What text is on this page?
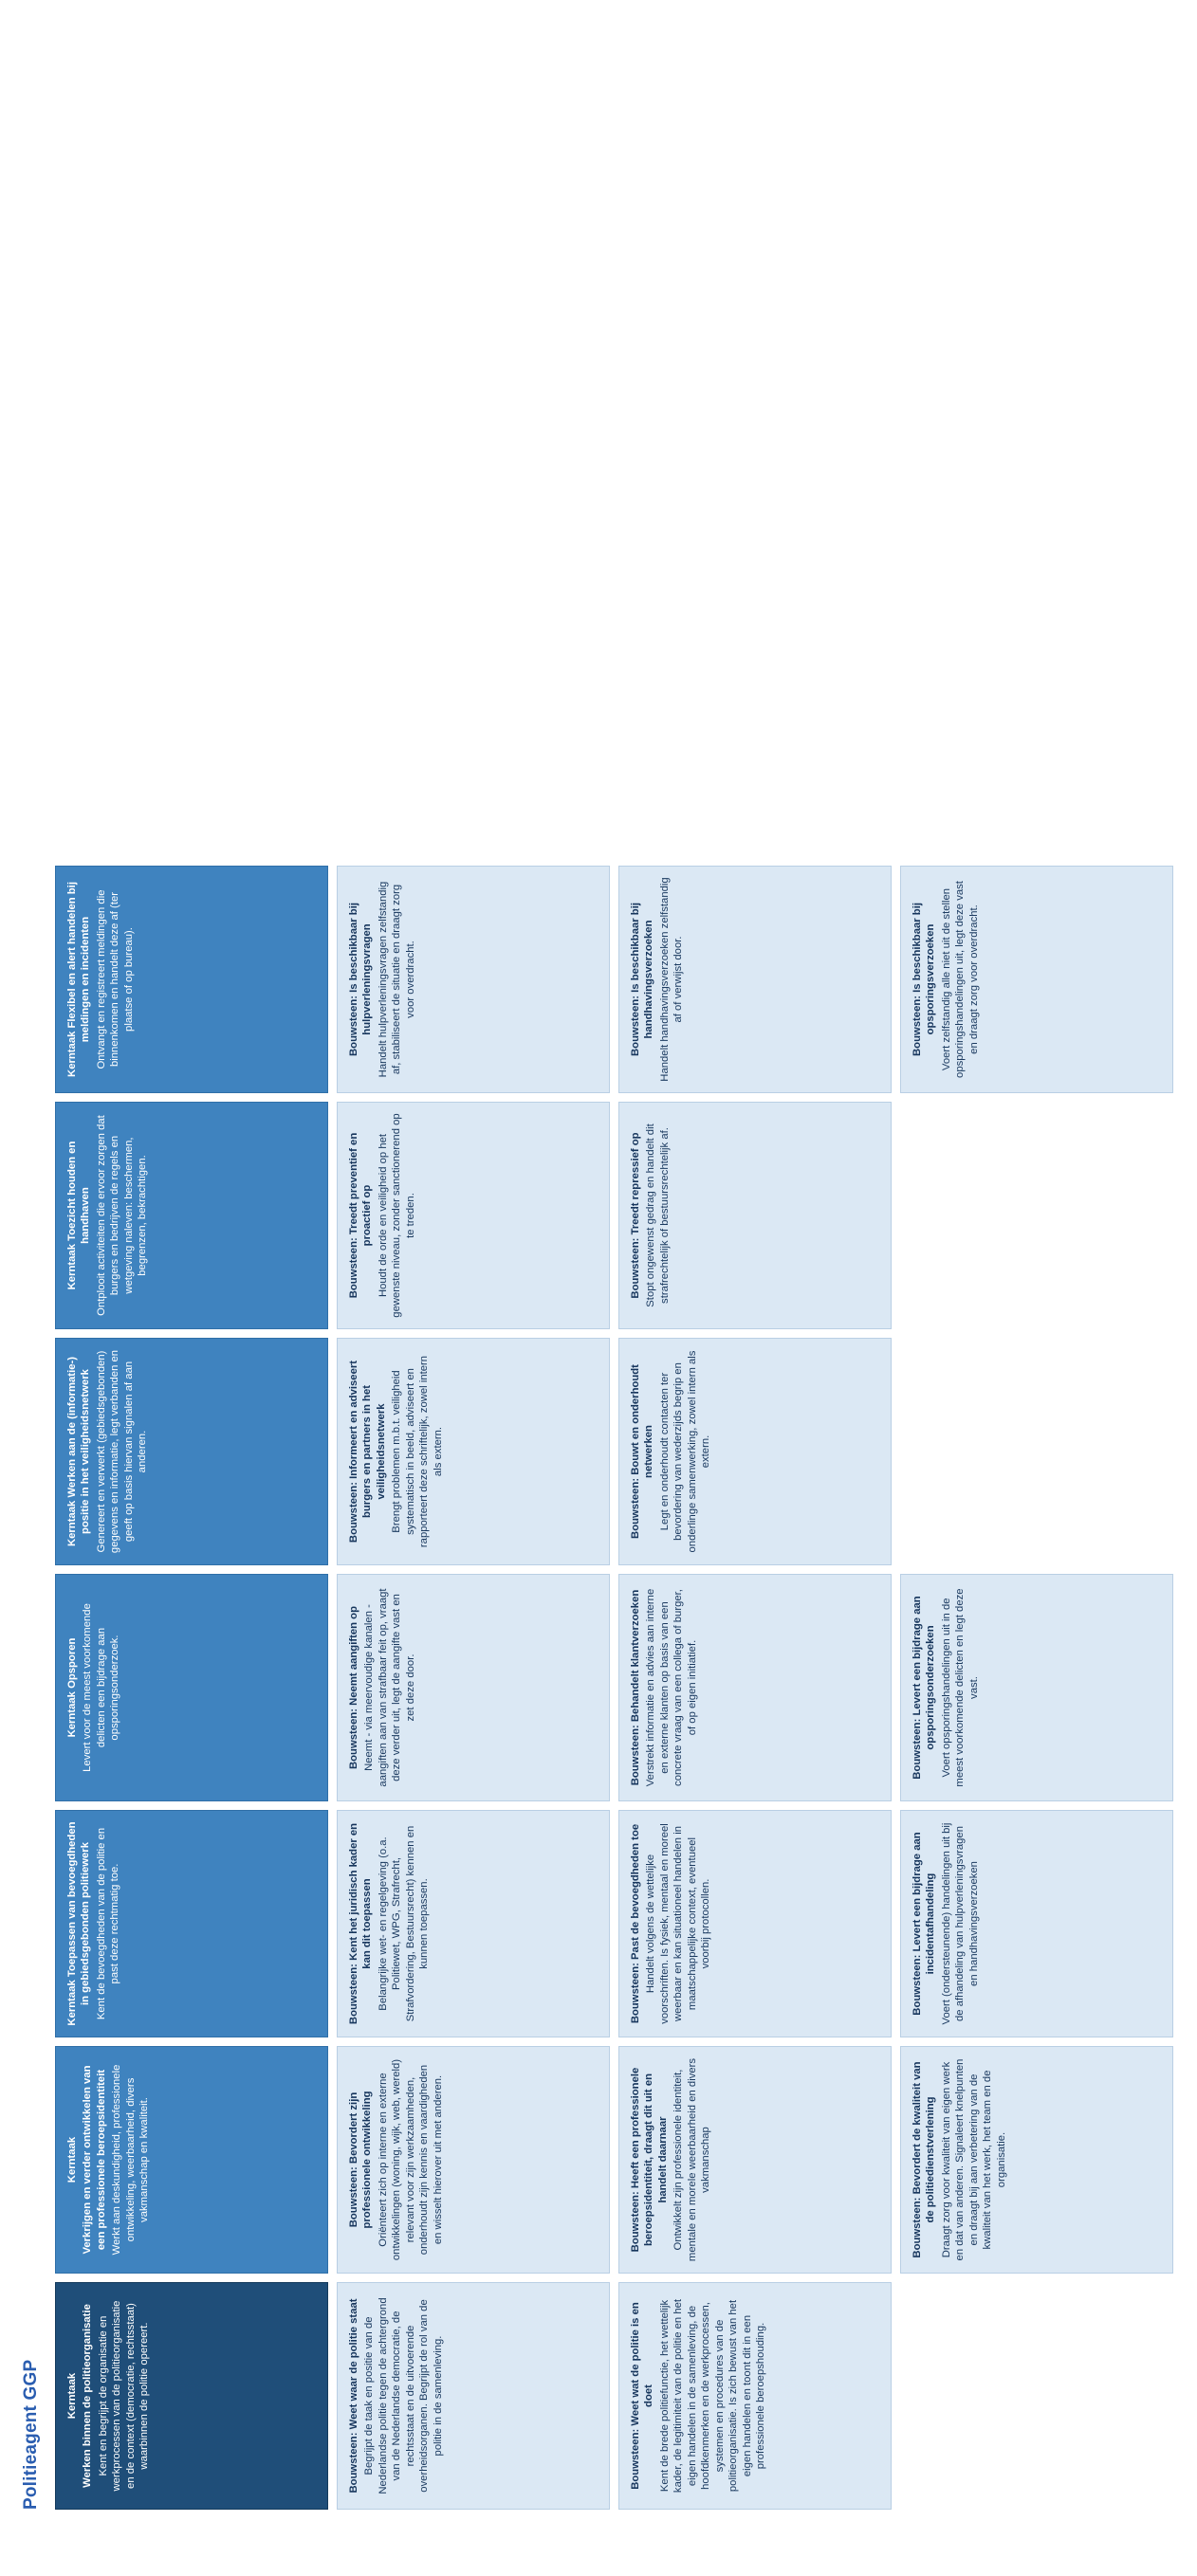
Politieagent GGP Kerntaak Werken binnen de politieorganisatie Kent en begrijpt de organisatie en werkprocessen van de politieorganisatie en de context (democratie, rechtsstaat) waarbinnen de politie opereert.
Kerntaak Verkrijgen en verder ontwikkelen van een professionele beroepsidentiteit Werkt aan deskundigheid, professionele ontwikkeling, weerbaarheid, divers vakmanschap en kwaliteit.
Kerntaak Toepassen van bevoegdheden in gebiedsgebonden politiewerk Kent de bevoegdheden van de politie en past deze rechtmatig toe.
Kerntaak Opsporen Levert voor de meest voorkomende delicten een bijdrage aan opsporingsonderzoek.
Kerntaak Werken aan de (informatie-) positie in het veiligheidsnetwerk Genereert en verwerkt (gebiedsgebonden) gegevens en informatie, legt verbanden en geeft op basis hiervan signalen af aan anderen.
Kerntaak Toezicht houden en handhaven Ontplooit activiteiten die ervoor zorgen dat burgers en bedrijven de regels en wetgeving naleven: beschermen, begrenzen, bekrachtigen.
Kerntaak Flexibel en alert handelen bij meldingen en incidenten Ontvangt en registreert meldingen die binnenkomen en handelt deze af (ter plaatse of op bureau).
Bouwsteen: Weet waar de politie staat Begrijpt de taak en positie van de Nederlandse politie tegen de achtergrond van de Nederlandse democratie, de rechtsstaat en de uitvoerende overheidsorganen. Begrijpt de rol van de politie in de samenleving.
Bouwsteen: Bevordert zijn professionele ontwikkeling Oriënteert zich op interne en externe ontwikkelingen (woning, wijk, web, wereld) relevant voor zijn werkzaamheden, onderhoudt zijn kennis en vaardigheden en wisselt hierover uit met anderen.
Bouwsteen: Kent het juridisch kader en kan dit toepassen Belangrijke wet- en regelgeving (o.a. Politiewet, WPG, Strafrecht, Strafvordering, Bestuursrecht) kennen en kunnen toepassen.
Bouwsteen: Neemt aangiften op Neemt - via meervoudige kanalen - aangiften aan van strafbaar feit op, vraagt deze verder uit, legt de aangifte vast en zet deze door.
Bouwsteen: Informeert en adviseert burgers en partners in het veiligheidsnetwerk Brengt problemen m.b.t. veiligheid systematisch in beeld, adviseert en rapporteert deze schriftelijk, zowel intern als extern.
Bouwsteen: Treedt preventief en proactief op Houdt de orde en veiligheid op het gewenste niveau, zonder sanctionerend op te treden.
Bouwsteen: Is beschikbaar bij hulpverleningsvragen Handelt hulpverleningsvragen zelfstandig af, stabiliseert de situatie en draagt zorg voor overdracht.
Bouwsteen: Weet wat de politie is en doet Kent de brede politiefunctie, het wettelijk kader, de legitimiteit van de politie en het eigen handelen in de samenleving, de hoofdkenmerken en de werkprocessen, systemen en procedures van de politieorganisatie. Is zich bewust van het eigen handelen en toont dit in een professionele beroepshouding.
Bouwsteen: Heeft een professionele beroepsidentiteit, draagt dit uit en handelt daarnaar Ontwikkelt zijn professionele identiteit, mentale en morele weerbaarheid en divers vakmanschap
Bouwsteen: Past de bevoegdheden toe Handelt volgens de wettelijke voorschriften. Is fysiek, mentaal en moreel weerbaar en kan situationeel handelen in maatschappelijke context, eventueel voorbij protocollen.
Bouwsteen: Behandelt klantverzoeken Verstrekt informatie en advies aan interne en externe klanten op basis van een concrete vraag van een collega of burger, of op eigen initiatief.
Bouwsteen: Bouwt en onderhoudt netwerken Legt en onderhoudt contacten ter bevordering van wederzijds begrip en onderlinge samenwerking, zowel intern als extern.
Bouwsteen: Treedt repressief op Stopt ongewenst gedrag en handelt dit strafrechtelijk of bestuursrechtelijk af.
Bouwsteen: Is beschikbaar bij handhavingsverzoeken Handelt handhavingsverzoeken zelfstandig af of verwijst door.
Bouwsteen: Bevordert de kwaliteit van de politiedienstverlening Draagt zorg voor kwaliteit van eigen werk en dat van anderen. Signaleert knelpunten en draagt bij aan verbetering van de kwaliteit van het werk, het team en de organisatie.
Bouwsteen: Levert een bijdrage aan incidentafhandeling Voert (ondersteunende) handelingen uit bij de afhandeling van hulpverleningsvragen en handhavingsverzoeken
Bouwsteen: Levert een bijdrage aan opsporingsonderzoeken Voert opsporingshandelingen uit in de meest voorkomende delicten en legt deze vast.
Bouwsteen: Is beschikbaar bij opsporingsverzoeken Voert zelfstandig alle niet uit de stellen opsporingshandelingen uit, legt deze vast en draagt zorg voor overdracht.
